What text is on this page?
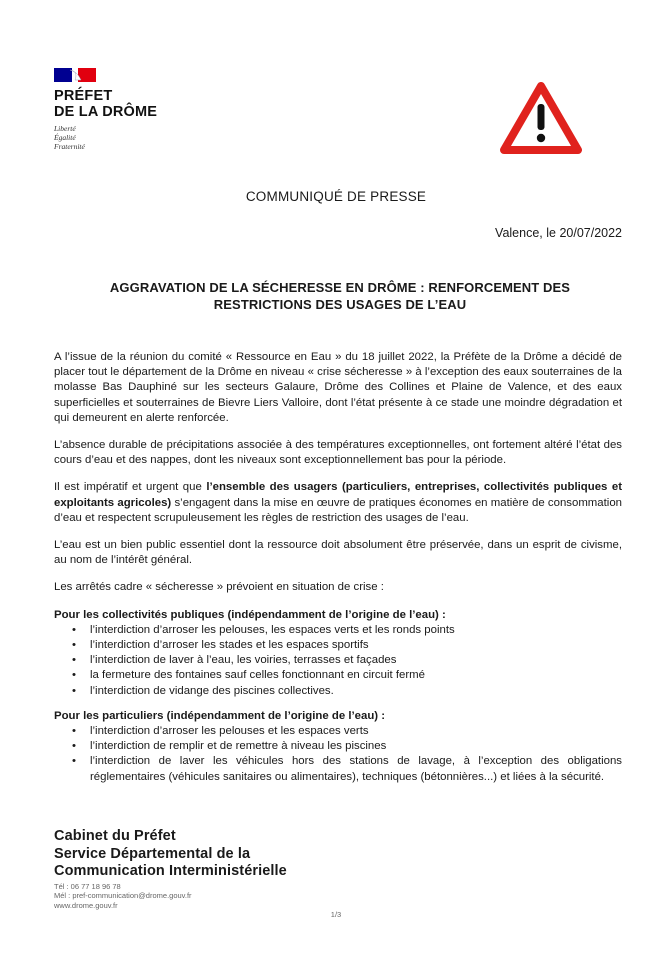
PRÉFET
DE LA DRÔME
Liberté
Égalité
Fraternité
COMMUNIQUÉ DE PRESSE
Valence, le 20/07/2022
AGGRAVATION DE LA SÉCHERESSE EN DRÔME : RENFORCEMENT DES
RESTRICTIONS DES USAGES DE L’EAU

A l’issue de la réunion du comité « Ressource en Eau » du 18 juillet 2022, la Préfète de la Drôme a décidé de placer tout le département de la Drôme en niveau « crise sécheresse » à l’exception des eaux souterraines de la molasse Bas Dauphiné sur les secteurs Galaure, Drôme des Collines et Plaine de Valence, et des eaux superficielles et souterraines de Bievre Liers Valloire, dont l’état présente à ce stade une moindre dégradation et qui demeurent en alerte renforcée.

L’absence durable de précipitations associée à des températures exceptionnelles, ont fortement altéré l’état des cours d’eau et des nappes, dont les niveaux sont exceptionnellement bas pour la période.

Il est impératif et urgent que l’ensemble des usagers (particuliers, entreprises, collectivités publiques et exploitants agricoles) s’engagent dans la mise en œuvre de pratiques économes en matière de consommation d’eau et respectent scrupuleusement les règles de restriction des usages de l’eau.

L’eau est un bien public essentiel dont la ressource doit absolument être préservée, dans un esprit de civisme, au nom de l’intérêt général.

Les arrêtés cadre « sécheresse » prévoient en situation de crise :

Pour les collectivités publiques (indépendamment de l’origine de l’eau) :
• l’interdiction d’arroser les pelouses, les espaces verts et les ronds points
• l’interdiction d’arroser les stades et les espaces sportifs
• l’interdiction de laver à l’eau, les voiries, terrasses et façades
• la fermeture des fontaines sauf celles fonctionnant en circuit fermé
• l’interdiction de vidange des piscines collectives.
Pour les particuliers (indépendamment de l’origine de l’eau) :
• l’interdiction d’arroser les pelouses et les espaces verts
• l’interdiction de remplir et de remettre à niveau les piscines
• l’interdiction de laver les véhicules hors des stations de lavage, à l’exception des obligations réglementaires (véhicules sanitaires ou alimentaires), techniques (bétonnières...) et liées à la sécurité.
Cabinet du Préfet
Service Départemental de la
Communication Interministérielle
Tél : 06 77 18 96 78
Mél : pref-communication@drome.gouv.fr
www.drome.gouv.fr
1/3
